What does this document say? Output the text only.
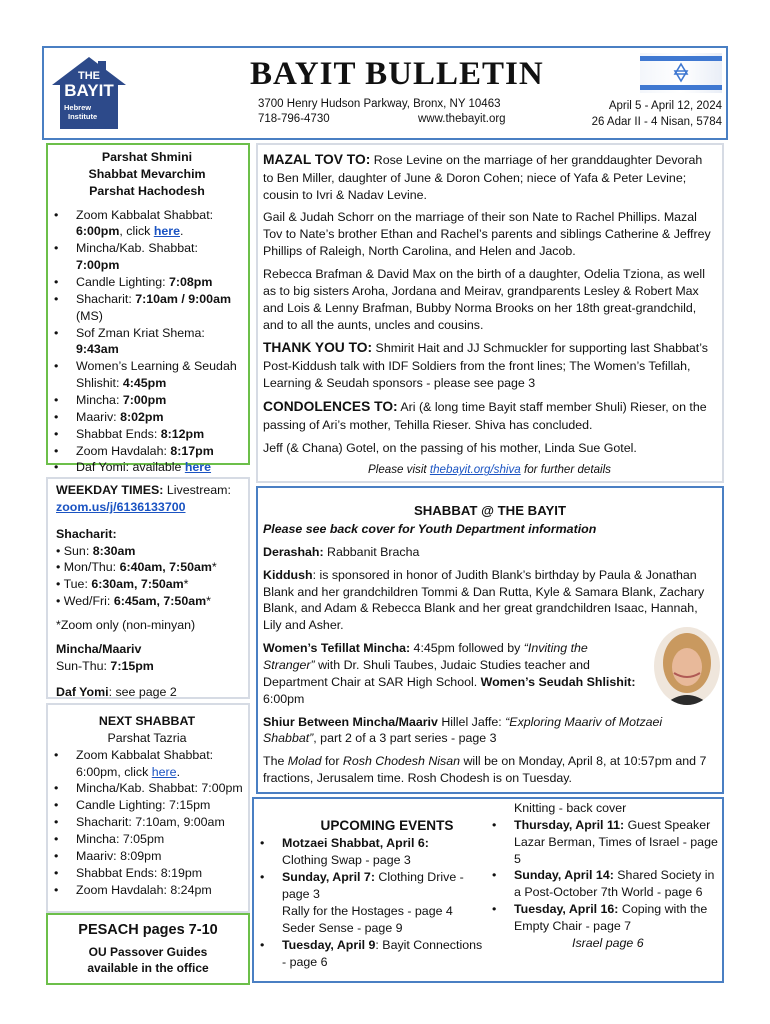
THE
BAYIT
Hebrew
Institute
of Riverdale
BAYIT BULLETIN
3700 Henry Hudson Parkway, Bronx, NY 10463
718-796-4730	www.thebayit.org
April 5 - April 12, 2024
26 Adar II - 4 Nisan, 5784
Parshat Shmini
Shabbat Mevarchim
Parshat Hachodesh
• Zoom Kabbalat Shabbat:
6:00pm, click here.
• Mincha/Kab. Shabbat: 7:00pm
• Candle Lighting: 7:08pm
• Shacharit: 7:10am / 9:00am
(MS)
• Sof Zman Kriat Shema:
9:43am
• Women’s Learning & Seudah Shlishit: 4:45pm
• Mincha: 7:00pm
• Maariv: 8:02pm
• Shabbat Ends: 8:12pm
• Zoom Havdalah: 8:17pm
• Daf Yomi: available here
WEEKDAY TIMES: Livestream:
zoom.us/j/6136133700
Shacharit:
• Sun: 8:30am
• Mon/Thu: 6:40am, 7:50am*
• Tue: 6:30am, 7:50am*
• Wed/Fri: 6:45am, 7:50am*
*Zoom only (non-minyan)
Mincha/Maariv
Sun-Thu: 7:15pm
Daf Yomi: see page 2
NEXT SHABBAT
Parshat Tazria
• Zoom Kabbalat Shabbat: 6:00pm, click here.
• Mincha/Kab. Shabbat: 7:00pm
• Candle Lighting: 7:15pm
• Shacharit: 7:10am, 9:00am
• Mincha: 7:05pm
• Maariv: 8:09pm
• Shabbat Ends: 8:19pm
• Zoom Havdalah: 8:24pm
PESACH pages 7-10
OU Passover Guides
available in the office
MAZAL TOV TO: Rose Levine on the marriage of her granddaughter Devorah to Ben Miller, daughter of June & Doron Cohen; niece of Yafa & Peter Levine; cousin to Ivri & Nadav Levine.
Gail & Judah Schorr on the marriage of their son Nate to Rachel Phillips. Mazal Tov to Nate’s brother Ethan and Rachel’s parents and siblings Catherine & Jeffrey Phillips of Raleigh, North Carolina, and Helen and Jacob.
Rebecca Brafman & David Max on the birth of a daughter, Odelia Tziona, as well as to big sisters Aroha, Jordana and Meirav, grandparents Lesley & Robert Max and Lois & Lenny Brafman, Bubby Norma Brooks on her 18th great-grandchild, and to all the aunts, uncles and cousins.
THANK YOU TO: Shmirit Hait and JJ Schmuckler for supporting last Shabbat’s Post-Kiddush talk with IDF Soldiers from the front lines; The Women’s Tefillah, Learning & Seudah sponsors - please see page 3
CONDOLENCES TO: Ari (& long time Bayit staff member Shuli) Rieser, on the passing of Ari’s mother, Tehilla Rieser. Shiva has concluded.
Jeff (& Chana) Gotel, on the passing of his mother, Linda Sue Gotel.
Please visit thebayit.org/shiva for further details
SHABBAT @ THE BAYIT
Please see back cover for Youth Department information
Derashah: Rabbanit Bracha
Kiddush: is sponsored in honor of Judith Blank’s birthday by Paula & Jonathan Blank and her grandchildren Tommi & Dan Rutta, Kyle & Samara Blank, Zachary Blank, and Adam & Rebecca Blank and her great grandchildren Isaac, Hannah, Lily and Asher.
Women’s Tefillat Mincha: 4:45pm followed by “Inviting the Stranger” with Dr. Shuli Taubes, Judaic Studies teacher and Department Chair at SAR High School. Women’s Seudah Shlishit: 6:00pm
Shiur Between Mincha/Maariv Hillel Jaffe: “Exploring Maariv of Motzaei Shabbat”, part 2 of a 3 part series - page 3
The Molad for Rosh Chodesh Nisan will be on Monday, April 8, at 10:57pm and 7 fractions, Jerusalem time. Rosh Chodesh is on Tuesday.
UPCOMING EVENTS
• Motzaei Shabbat, April 6:
Clothing Swap - page 3
• Sunday, April 7: Clothing Drive - page 3
Rally for the Hostages - page 4
Seder Sense - page 9
• Tuesday, April 9: Bayit Connections - page 6
Knitting - back cover
• Thursday, April 11: Guest Speaker Lazar Berman, Times of Israel - page 5
• Sunday, April 14: Shared Society in a Post-October 7th World - page 6
• Tuesday, April 16: Coping with the Empty Chair - page 7
Israel page 6
